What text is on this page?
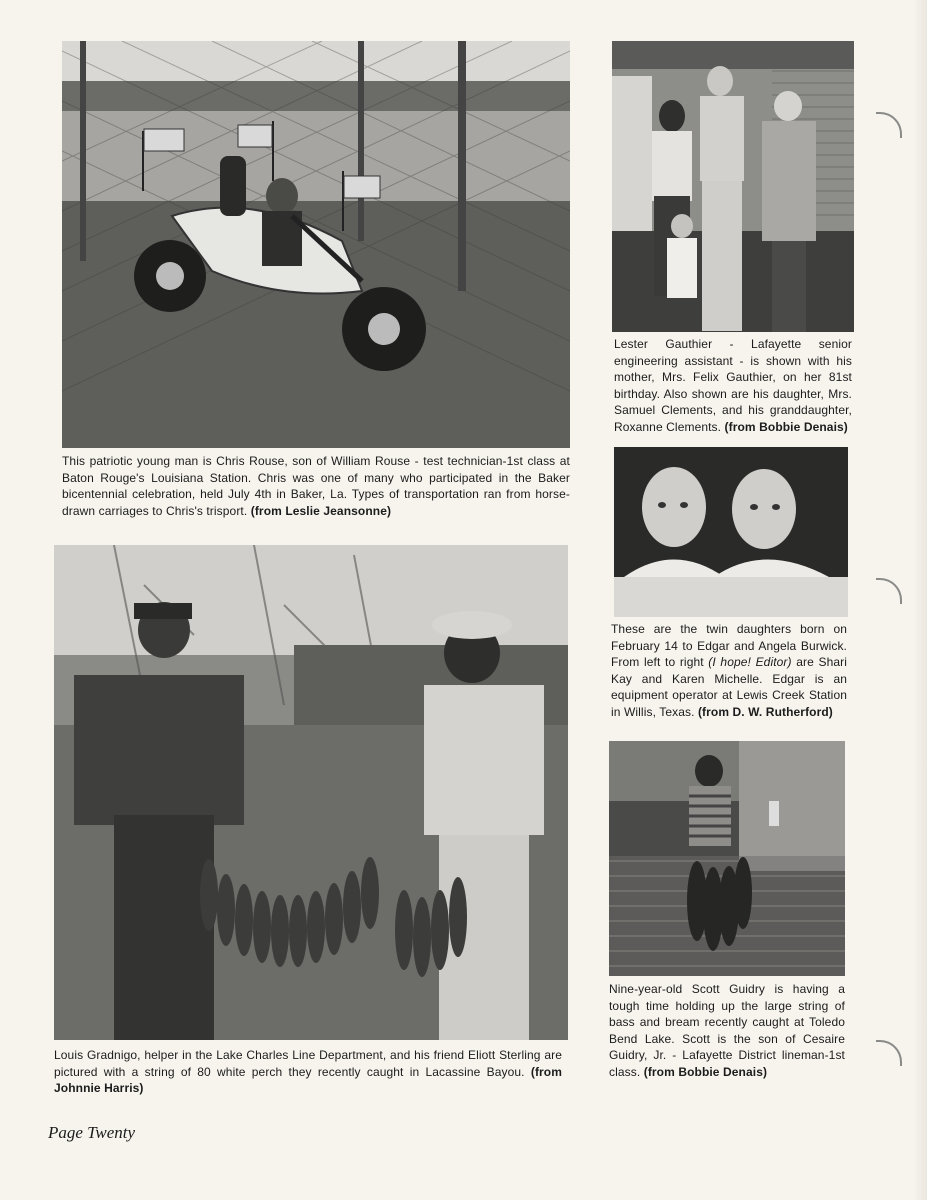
This patriotic young man is Chris Rouse, son of William Rouse - test technician-1st class at Baton Rouge's Louisiana Station. Chris was one of many who participated in the Baker bicentennial celebration, held July 4th in Baker, La. Types of transportation ran from horse-drawn carriages to Chris's trisport. (from Leslie Jeansonne)

Lester Gauthier - Lafayette senior engineering assistant - is shown with his mother, Mrs. Felix Gauthier, on her 81st birthday. Also shown are his daughter, Mrs. Samuel Clements, and his granddaughter, Roxanne Clements. (from Bobbie Denais)

These are the twin daughters born on February 14 to Edgar and Angela Burwick. From left to right (I hope! Editor) are Shari Kay and Karen Michelle. Edgar is an equipment operator at Lewis Creek Station in Willis, Texas. (from D. W. Rutherford)

Louis Gradnigo, helper in the Lake Charles Line Department, and his friend Eliott Sterling are pictured with a string of 80 white perch they recently caught in Lacassine Bayou. (from Johnnie Harris)

Nine-year-old Scott Guidry is having a tough time holding up the large string of bass and bream recently caught at Toledo Bend Lake. Scott is the son of Cesaire Guidry, Jr. - Lafayette District lineman-1st class. (from Bobbie Denais)

Page Twenty
